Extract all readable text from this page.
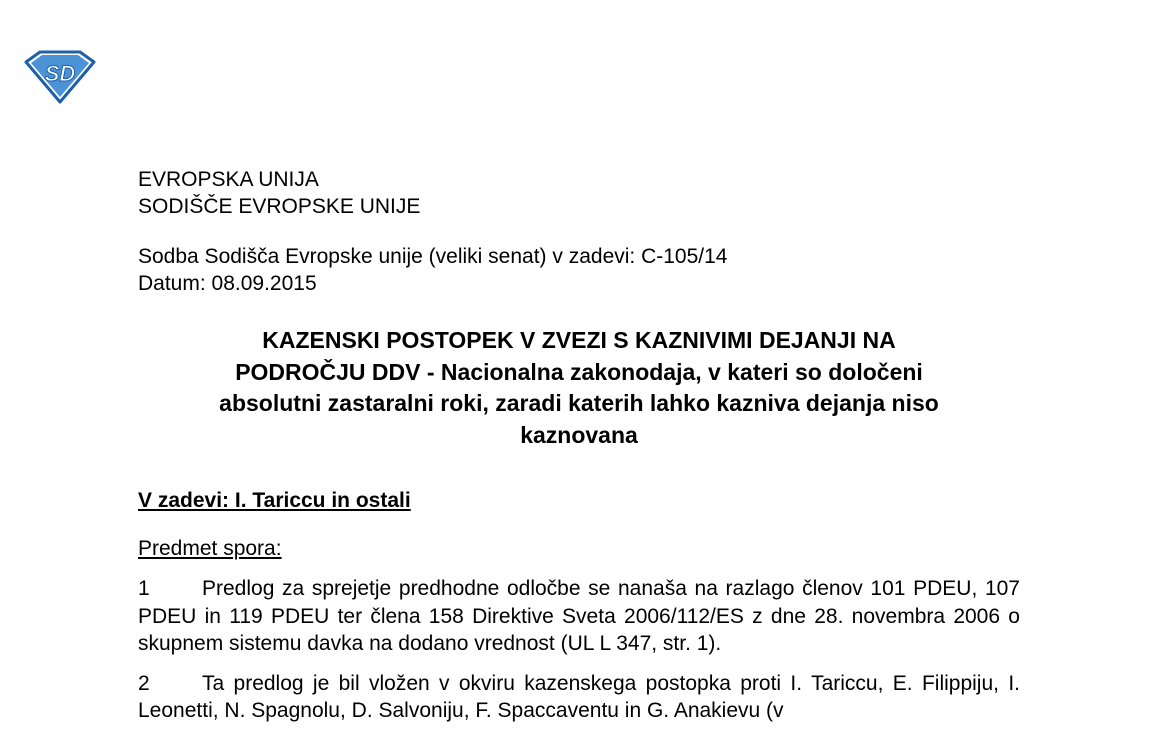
SD

EVROPSKA UNIJA

SODIŠČE EVROPSKE UNIJE

Sodba Sodišča Evropske unije (veliki senat) v zadevi: C-105/14

Datum: 08.09.2015

KAZENSKI POSTOPEK V ZVEZI S KAZNIVIMI DEJANJI NA

PODROČJU DDV - Nacionalna zakonodaja, v kateri so določeni

absolutni zastaralni roki, zaradi katerih lahko kazniva dejanja niso

kaznovana

V zadevi: I. Tariccu in ostali

Predmet spora:

1 Predlog za sprejetje predhodne odločbe se nanaša na razlago členov 101 PDEU, 107 PDEU in 119 PDEU ter člena 158 Direktive Sveta 2006/112/ES z dne 28. novembra 2006 o skupnem sistemu davka na dodano vrednost (UL L 347, str. 1).

2 Ta predlog je bil vložen v okviru kazenskega postopka proti I. Tariccu, E. Filippiju, I. Leonetti, N. Spagnolu, D. Salvoniju, F. Spaccaventu in G. Anakievu (v
